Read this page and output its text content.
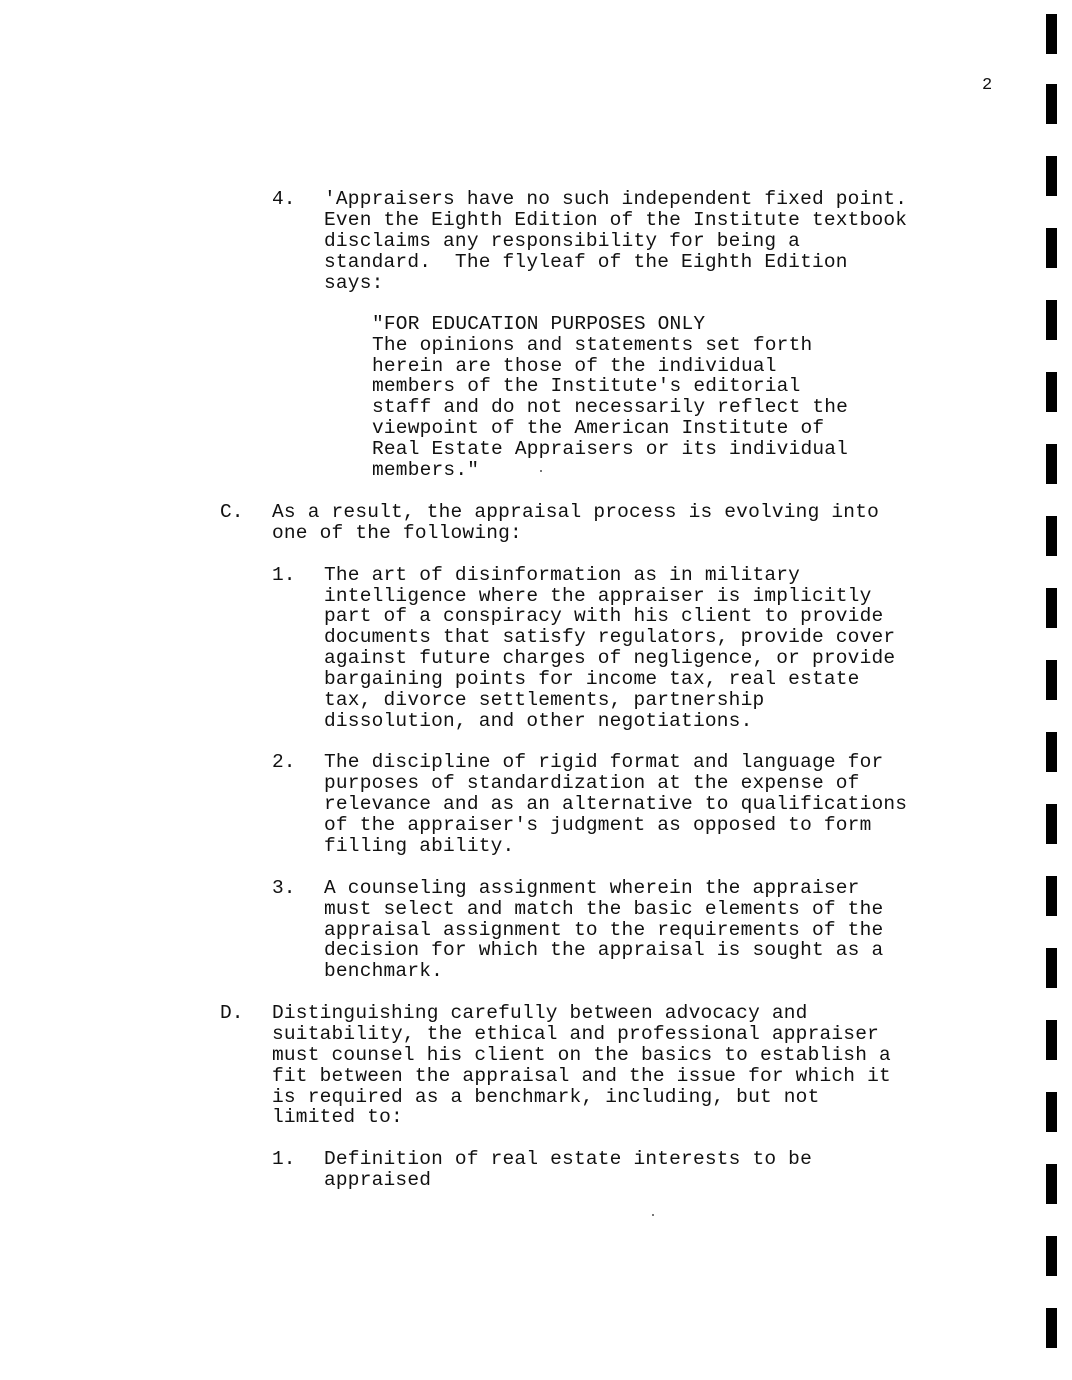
2
4. 'Appraisers have no such independent fixed point.
Even the Eighth Edition of the Institute textbook
disclaims any responsibility for being a
standard.  The flyleaf of the Eighth Edition
says:
"FOR EDUCATION PURPOSES ONLY
The opinions and statements set forth
herein are those of the individual
members of the Institute's editorial
staff and do not necessarily reflect the
viewpoint of the American Institute of
Real Estate Appraisers or its individual
members."
C. As a result, the appraisal process is evolving into
one of the following:
1. The art of disinformation as in military
intelligence where the appraiser is implicitly
part of a conspiracy with his client to provide
documents that satisfy regulators, provide cover
against future charges of negligence, or provide
bargaining points for income tax, real estate
tax, divorce settlements, partnership
dissolution, and other negotiations.
2. The discipline of rigid format and language for
purposes of standardization at the expense of
relevance and as an alternative to qualifications
of the appraiser's judgment as opposed to form
filling ability.
3. A counseling assignment wherein the appraiser
must select and match the basic elements of the
appraisal assignment to the requirements of the
decision for which the appraisal is sought as a
benchmark.
D. Distinguishing carefully between advocacy and
suitability, the ethical and professional appraiser
must counsel his client on the basics to establish a
fit between the appraisal and the issue for which it
is required as a benchmark, including, but not
limited to:
1. Definition of real estate interests to be
appraised
